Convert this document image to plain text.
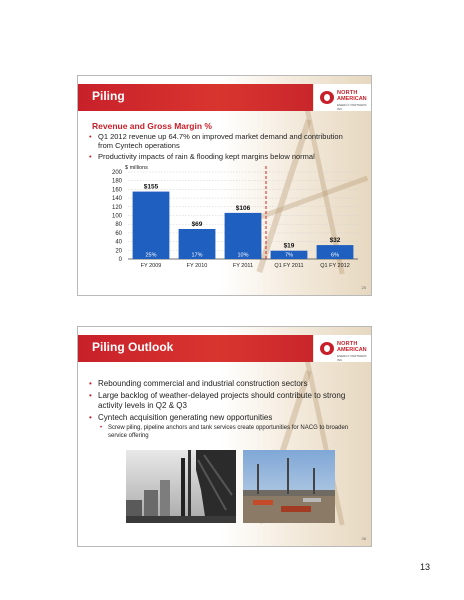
Piling	NORTH
AMERICAN
ENERGY PARTNERS INC.
Revenue and Gross Margin %
• Q1 2012 revenue up 64.7% on improved market demand and contribution from Cyntech operations
• Productivity impacts of rain & flooding kept margins below normal
$ millions
0
20
40
60
80
100
120
140
160
180
200
$155
25%
FY 2009
$69
17%
FY 2010
$106
10%
FY 2011
$19
7%
Q1 FY 2011
$32
6%
Q1 FY 2012
25
Piling Outlook	NORTH
AMERICAN
ENERGY PARTNERS INC.
• Rebounding commercial and industrial construction sectors
• Large backlog of weather-delayed projects should contribute to strong activity levels in Q2 & Q3
• Cyntech acquisition generating new opportunities
• Screw piling, pipeline anchors and tank services create opportunities for NACG to broaden service offering
26
13
